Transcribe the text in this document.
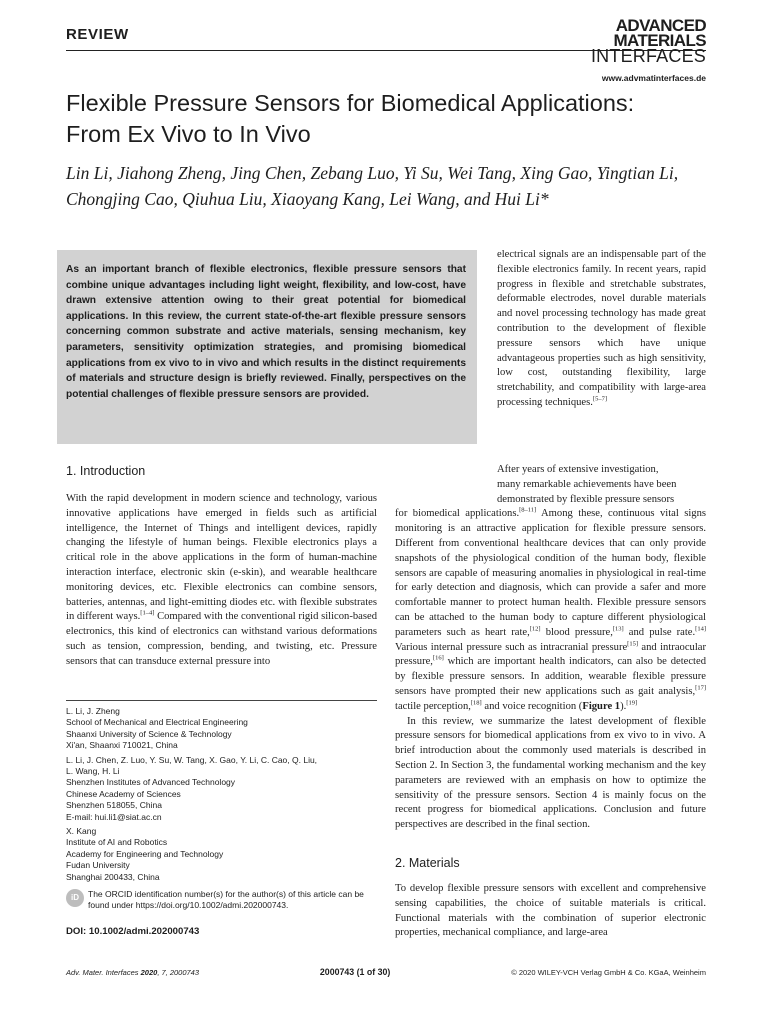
REVIEW	ADVANCED
MATERIALS
INTERFACES
www.advmatinterfaces.de
Flexible Pressure Sensors for Biomedical Applications:
From Ex Vivo to In Vivo
Lin Li, Jiahong Zheng, Jing Chen, Zebang Luo, Yi Su, Wei Tang, Xing Gao, Yingtian Li,
Chongjing Cao, Qiuhua Liu, Xiaoyang Kang, Lei Wang, and Hui Li*
As an important branch of flexible electronics, flexible pressure sensors that combine unique advantages including light weight, flexibility, and low-cost, have drawn extensive attention owing to their great potential for biomedical applications. In this review, the current state-of-the-art flexible pressure sensors concerning common substrate and active materials, sensing mechanism, key parameters, sensitivity optimization strategies, and promising biomedical applications from ex vivo to in vivo and which results in the distinct requirements of materials and structure design is briefly reviewed. Finally, perspectives on the potential challenges of flexible pressure sensors are provided.
electrical signals are an indispensable part of the flexible electronics family. In recent years, rapid progress in flexible and stretchable substrates, deformable electrodes, novel durable materials and novel processing technology has made great contribution to the development of flexible pressure sensors which have unique advantageous properties such as high sensitivity, low cost, outstanding flexibility, large stretchability, and compatibility with large-area processing techniques.[5–7]
After years of extensive investigation,
many remarkable achievements have been
demonstrated by flexible pressure sensors
for biomedical applications.[8–11] Among these, continuous vital signs monitoring is an attractive application for flexible pressure sensors. Different from conventional healthcare devices that can only provide snapshots of the physiological condition of the human body, flexible sensors are capable of measuring anomalies in physiological in real-time for early detection and diagnosis, which can provide a safer and more comfortable manner to protect human health. Flexible pressure sensors can be attached to the human body to capture different physiological parameters such as heart rate,[12] blood pressure,[13] and pulse rate.[14] Various internal pressure such as intracranial pressure[15] and intraocular pressure,[16] which are important health indicators, can also be detected by flexible pressure sensors. In addition, wearable flexible pressure sensors have prompted their new applications such as gait analysis,[17] tactile perception,[18] and voice recognition (Figure 1).[19]
In this review, we summarize the latest development of flexible pressure sensors for biomedical applications from ex vivo to in vivo. A brief introduction about the commonly used materials is described in Section 2. In Section 3, the fundamental working mechanism and the key parameters are reviewed with an emphasis on how to optimize the sensitivity of the pressure sensors. Section 4 is mainly focus on the recent progress for biomedical applications. Conclusion and future perspectives are described in the final section.
1. Introduction
With the rapid development in modern science and technology, various innovative applications have emerged in fields such as artificial intelligence, the Internet of Things and intelligent devices, rapidly changing the lifestyle of human beings. Flexible electronics plays a critical role in the above applications in the form of human-machine interaction interface, electronic skin (e-skin), and wearable healthcare monitoring devices, etc. Flexible electronics can combine sensors, batteries, antennas, and light-emitting diodes etc. with flexible substrates in different ways.[1–4] Compared with the conventional rigid silicon-based electronics, this kind of electronics can withstand various deformations such as tension, compression, bending, and twisting, etc. Pressure sensors that can transduce external pressure into
L. Li, J. Zheng
School of Mechanical and Electrical Engineering
Shaanxi University of Science & Technology
Xi'an, Shaanxi 710021, China
L. Li, J. Chen, Z. Luo, Y. Su, W. Tang, X. Gao, Y. Li, C. Cao, Q. Liu,
L. Wang, H. Li
Shenzhen Institutes of Advanced Technology
Chinese Academy of Sciences
Shenzhen 518055, China
E-mail: hui.li1@siat.ac.cn
X. Kang
Institute of AI and Robotics
Academy for Engineering and Technology
Fudan University
Shanghai 200433, China
iD	The ORCID identification number(s) for the author(s) of this article can be found under https://doi.org/10.1002/admi.202000743.
DOI: 10.1002/admi.202000743
2. Materials
To develop flexible pressure sensors with excellent and comprehensive sensing capabilities, the choice of suitable materials is critical. Functional materials with the combination of superior electronic properties, mechanical compliance, and large-area
Adv. Mater. Interfaces 2020, 7, 2000743	2000743 (1 of 30)	© 2020 WILEY-VCH Verlag GmbH & Co. KGaA, Weinheim
